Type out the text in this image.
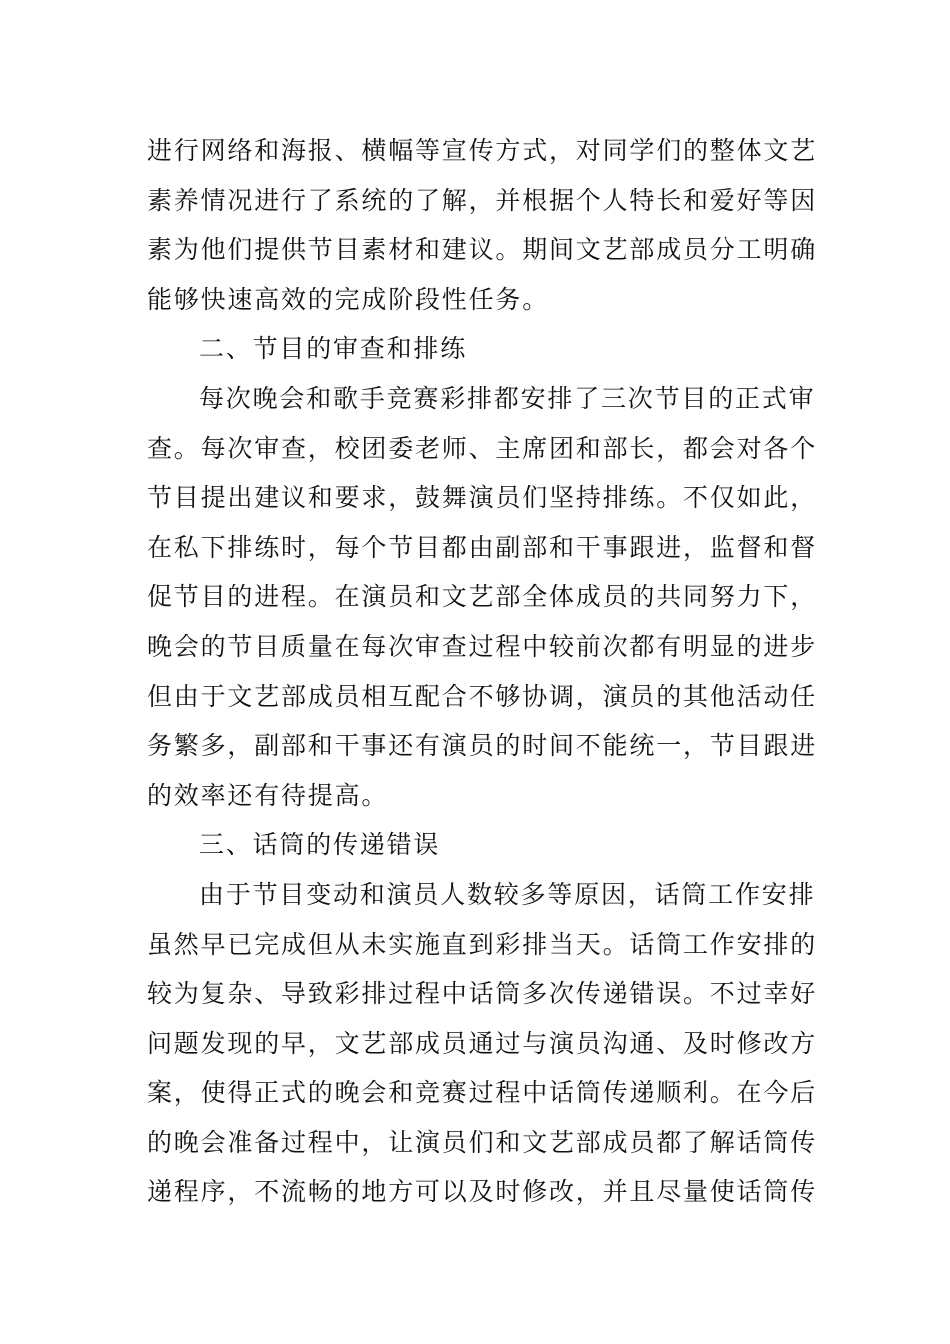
进行网络和海报、横幅等宣传方式，对同学们的整体文艺
素养情况进行了系统的了解，并根据个人特长和爱好等因
素为他们提供节目素材和建议。期间文艺部成员分工明确
能够快速高效的完成阶段性任务。
二、节目的审查和排练
每次晚会和歌手竞赛彩排都安排了三次节目的正式审
查。每次审查，校团委老师、主席团和部长，都会对各个
节目提出建议和要求，鼓舞演员们坚持排练。不仅如此，
在私下排练时，每个节目都由副部和干事跟进，监督和督
促节目的进程。在演员和文艺部全体成员的共同努力下，
晚会的节目质量在每次审查过程中较前次都有明显的进步
但由于文艺部成员相互配合不够协调，演员的其他活动任
务繁多，副部和干事还有演员的时间不能统一，节目跟进
的效率还有待提高。
三、话筒的传递错误
由于节目变动和演员人数较多等原因，话筒工作安排
虽然早已完成但从未实施直到彩排当天。话筒工作安排的
较为复杂、导致彩排过程中话筒多次传递错误。不过幸好
问题发现的早，文艺部成员通过与演员沟通、及时修改方
案，使得正式的晚会和竞赛过程中话筒传递顺利。在今后
的晚会准备过程中，让演员们和文艺部成员都了解话筒传
递程序，不流畅的地方可以及时修改，并且尽量使话筒传
